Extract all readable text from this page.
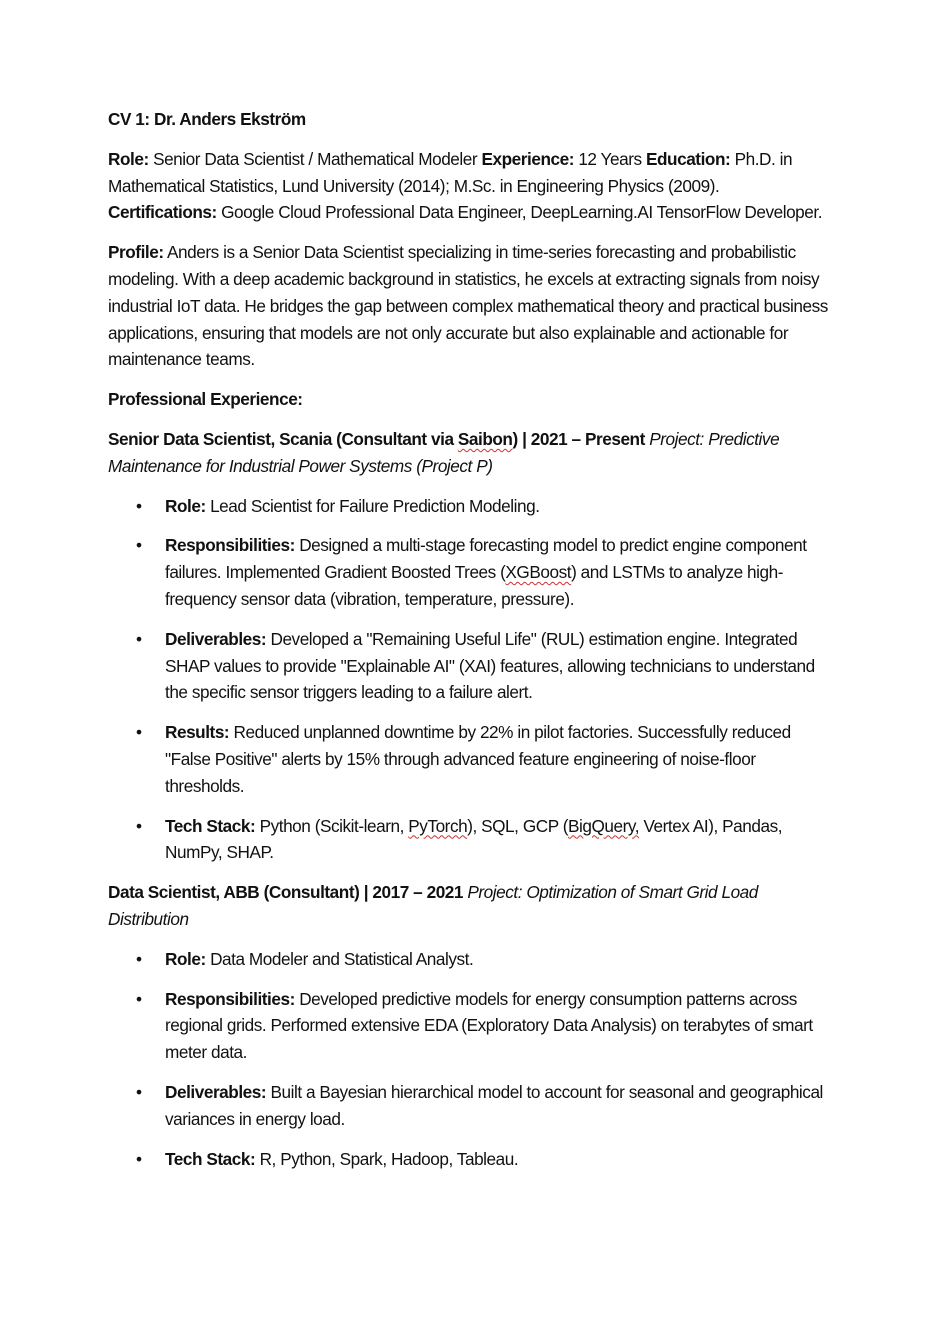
CV 1: Dr. Anders Ekström

Role: Senior Data Scientist / Mathematical Modeler Experience: 12 Years Education: Ph.D. in Mathematical Statistics, Lund University (2014); M.Sc. in Engineering Physics (2009). Certifications: Google Cloud Professional Data Engineer, DeepLearning.AI TensorFlow Developer.

Profile: Anders is a Senior Data Scientist specializing in time-series forecasting and probabilistic modeling. With a deep academic background in statistics, he excels at extracting signals from noisy industrial IoT data. He bridges the gap between complex mathematical theory and practical business applications, ensuring that models are not only accurate but also explainable and actionable for maintenance teams.

Professional Experience:

Senior Data Scientist, Scania (Consultant via Saibon) | 2021 – Present Project: Predictive Maintenance for Industrial Power Systems (Project P)

• Role: Lead Scientist for Failure Prediction Modeling.
• Responsibilities: Designed a multi-stage forecasting model to predict engine component failures. Implemented Gradient Boosted Trees (XGBoost) and LSTMs to analyze high-frequency sensor data (vibration, temperature, pressure).
• Deliverables: Developed a "Remaining Useful Life" (RUL) estimation engine. Integrated SHAP values to provide "Explainable AI" (XAI) features, allowing technicians to understand the specific sensor triggers leading to a failure alert.
• Results: Reduced unplanned downtime by 22% in pilot factories. Successfully reduced "False Positive" alerts by 15% through advanced feature engineering of noise-floor thresholds.
• Tech Stack: Python (Scikit-learn, PyTorch), SQL, GCP (BigQuery, Vertex AI), Pandas, NumPy, SHAP.

Data Scientist, ABB (Consultant) | 2017 – 2021 Project: Optimization of Smart Grid Load Distribution

• Role: Data Modeler and Statistical Analyst.
• Responsibilities: Developed predictive models for energy consumption patterns across regional grids. Performed extensive EDA (Exploratory Data Analysis) on terabytes of smart meter data.
• Deliverables: Built a Bayesian hierarchical model to account for seasonal and geographical variances in energy load.
• Tech Stack: R, Python, Spark, Hadoop, Tableau.
